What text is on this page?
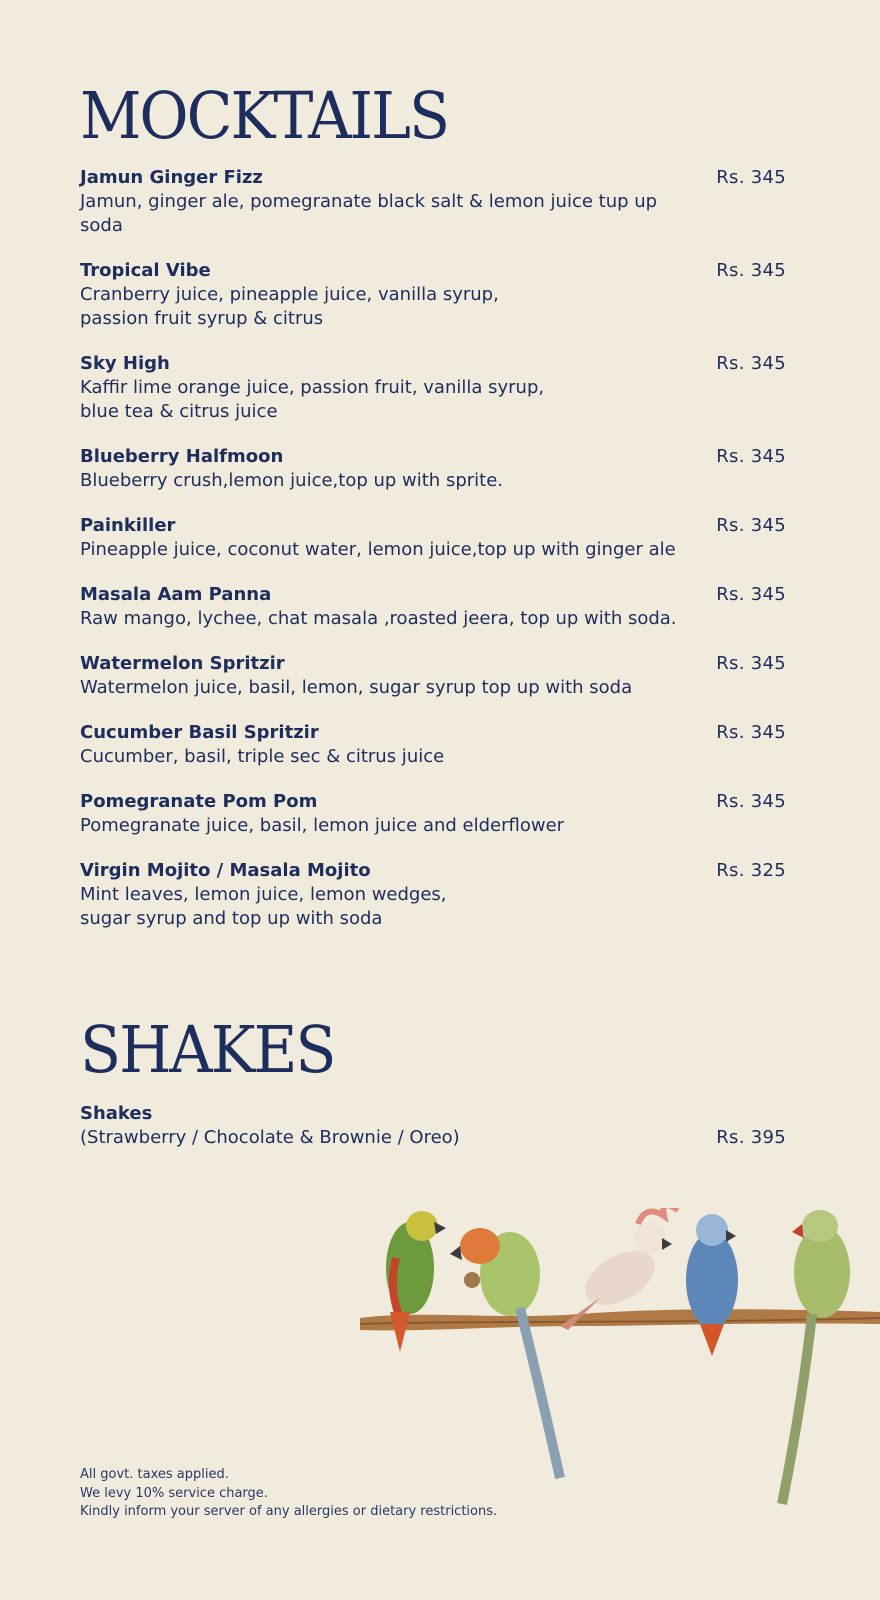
MOCKTAILS
Jamun Ginger Fizz
Jamun, ginger ale, pomegranate black salt & lemon juice tup up soda
Rs. 345
Tropical Vibe
Cranberry juice, pineapple juice, vanilla syrup,
passion fruit syrup & citrus
Rs. 345
Sky High
Kaffir lime orange juice, passion fruit, vanilla syrup,
blue tea & citrus juice
Rs. 345
Blueberry Halfmoon
Blueberry crush,lemon juice,top up with sprite.
Rs. 345
Painkiller
Pineapple juice, coconut water, lemon juice,top up with ginger ale
Rs. 345
Masala Aam Panna
Raw mango, lychee, chat masala ,roasted jeera, top up with soda.
Rs. 345
Watermelon Spritzir
Watermelon juice, basil, lemon, sugar syrup top up with soda
Rs. 345
Cucumber Basil Spritzir
Cucumber, basil, triple sec & citrus juice
Rs. 345
Pomegranate Pom Pom
Pomegranate juice, basil, lemon juice and elderflower
Rs. 345
Virgin Mojito / Masala Mojito
Mint leaves, lemon juice, lemon wedges,
sugar syrup and top up with soda
Rs. 325
SHAKES
Shakes
(Strawberry / Chocolate & Brownie / Oreo)	Rs. 395
All govt. taxes applied.
We levy 10% service charge.
Kindly inform your server of any allergies or dietary restrictions.
